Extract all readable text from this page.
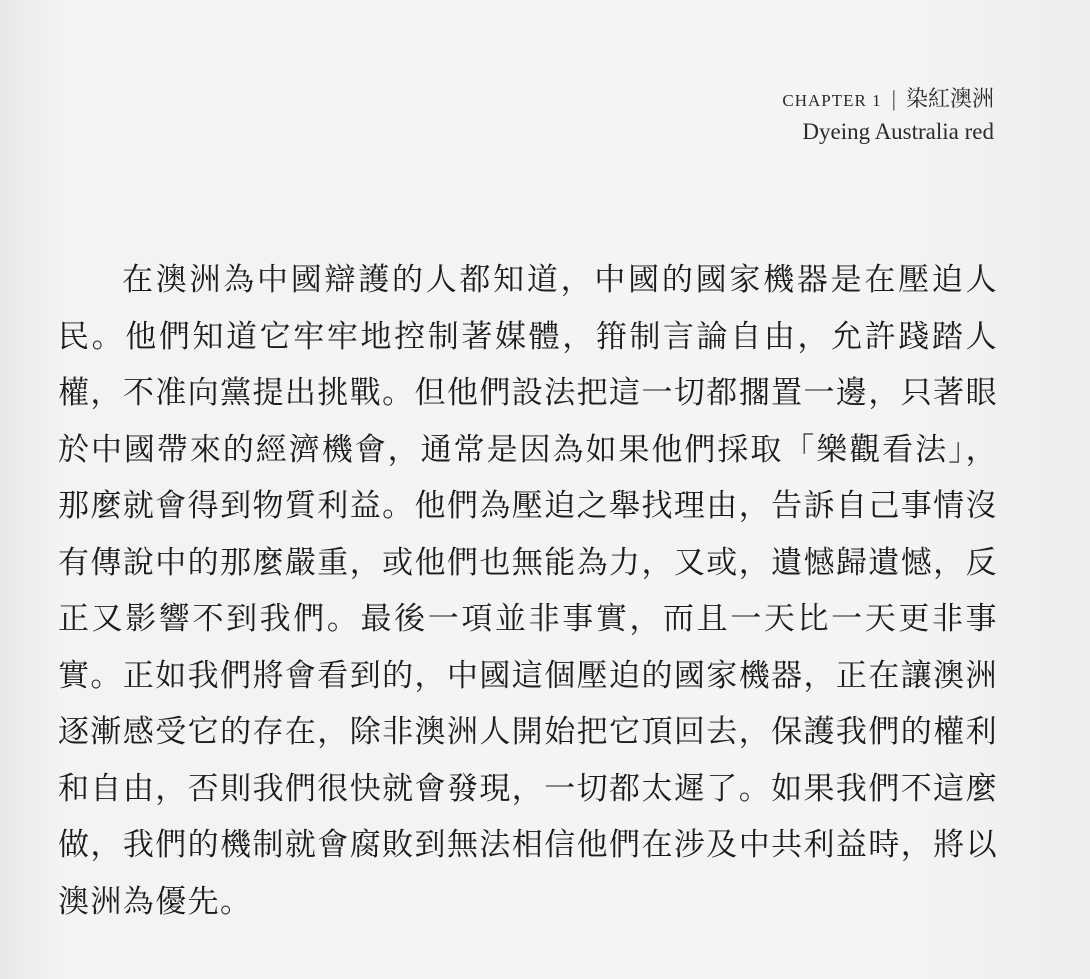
CHAPTER 1 | 染紅澳洲
Dyeing Australia red

在澳洲為中國辯護的人都知道，中國的國家機器是在壓迫人民。他們知道它牢牢地控制著媒體，箝制言論自由，允許踐踏人權，不准向黨提出挑戰。但他們設法把這一切都擱置一邊，只著眼於中國帶來的經濟機會，通常是因為如果他們採取「樂觀看法」，那麼就會得到物質利益。他們為壓迫之舉找理由，告訴自己事情沒有傳說中的那麼嚴重，或他們也無能為力，又或，遺憾歸遺憾，反正又影響不到我們。最後一項並非事實，而且一天比一天更非事實。正如我們將會看到的，中國這個壓迫的國家機器，正在讓澳洲逐漸感受它的存在，除非澳洲人開始把它頂回去，保護我們的權利和自由，否則我們很快就會發現，一切都太遲了。如果我們不這麼做，我們的機制就會腐敗到無法相信他們在涉及中共利益時，將以澳洲為優先。
